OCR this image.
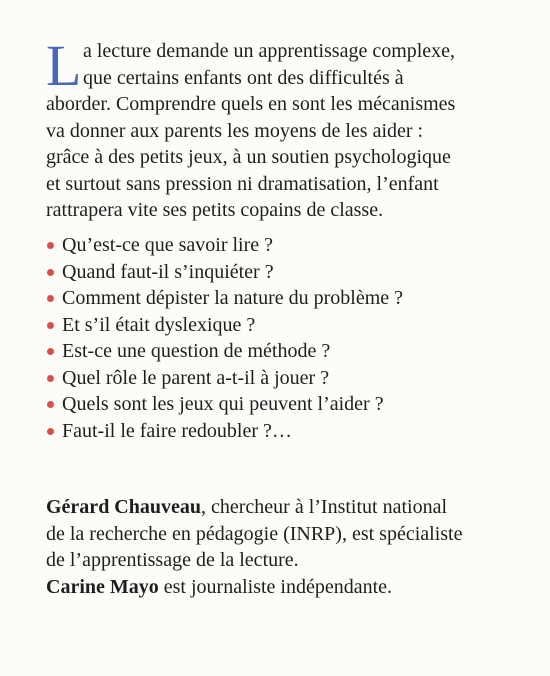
L a lecture demande un apprentissage complexe,
que certains enfants ont des difficultés à
aborder. Comprendre quels en sont les mécanismes
va donner aux parents les moyens de les aider :
grâce à des petits jeux, à un soutien psychologique
et surtout sans pression ni dramatisation, l’enfant
rattrapera vite ses petits copains de classe.
Qu’est-ce que savoir lire ?
Quand faut-il s’inquiéter ?
Comment dépister la nature du problème ?
Et s’il était dyslexique ?
Est-ce une question de méthode ?
Quel rôle le parent a-t-il à jouer ?
Quels sont les jeux qui peuvent l’aider ?
Faut-il le faire redoubler ?…
Gérard Chauveau, chercheur à l’Institut national
de la recherche en pédagogie (INRP), est spécialiste
de l’apprentissage de la lecture.
Carine Mayo est journaliste indépendante.
